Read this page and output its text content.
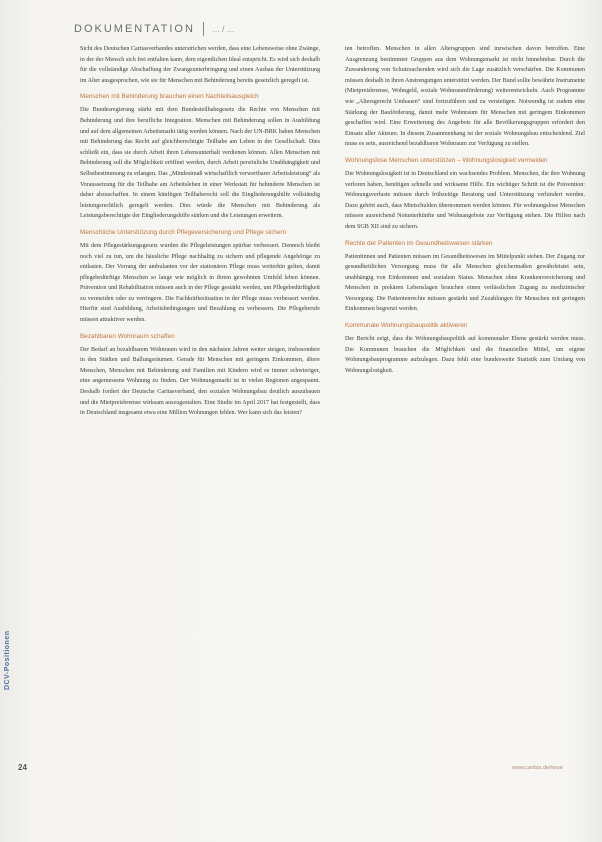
DOKUMENTATION … / …

Sicht des Deutschen Caritasverbandes unterstrichen werden, dass eine Lebensweise ohne Zwänge, in der der Mensch sich frei entfalten kann, dem eigentlichen Ideal entspricht. Es wird sich deshalb für die vollständige Abschaffung der Zwangsunterbringung und einen Ausbau der Unterstützung im Alter ausgesprochen, wie sie für Menschen mit Behinderung bereits gesetzlich geregelt ist.

Menschen mit Behinderung brauchen einen Nachteilsausgleich

Die Bundesregierung stärkt mit dem Bundesteilhabegesetz die Rechte von Menschen mit Behinderung und ihre berufliche Integration. Menschen mit Behinderung sollen in Ausbildung und auf dem allgemeinen Arbeitsmarkt tätig werden können. Nach der UN-BRK haben Menschen mit Behinderung das Recht auf gleichberechtigte Teilhabe am Leben in der Gesellschaft. Dies schließt ein, dass sie durch Arbeit ihren Lebensunterhalt verdienen können. Allen Menschen mit Behinderung soll die Möglichkeit eröffnet werden, durch Arbeit persönliche Unabhängigkeit und Selbstbestimmung zu erlangen. Das „Mindestmaß wirtschaftlich verwertbarer Arbeitsleistung“ als Voraussetzung für die Teilhabe am Arbeitsleben in einer Werkstatt für behinderte Menschen ist daher abzuschaffen. In einem künftigen Teilhaberecht soll die Eingliederungshilfe vollständig leistungsrechtlich geregelt werden. Dies würde die Menschen mit Behinderung als Leistungsberechtigte der Eingliederungshilfe stärken und die Leistungen erweitern.

Menschliche Unterstützung durch Pflegeversicherung und Pflege sichern

Mit dem Pflegestärkungsgesetz wurden die Pflegeleistungen spürbar verbessert. Dennoch bleibt noch viel zu tun, um die häusliche Pflege nachhaltig zu sichern und pflegende Angehörige zu entlasten. Der Vorrang der ambulanten vor der stationären Pflege muss weiterhin gelten, damit pflegebedürftige Menschen so lange wie möglich in ihrem gewohnten Umfeld leben können. Prävention und Rehabilitation müssen auch in der Pflege gestärkt werden, um Pflegebedürftigkeit zu vermeiden oder zu verringern. Die Fachkräftesituation in der Pflege muss verbessert werden. Hierfür sind Ausbildung, Arbeitsbedingungen und Bezahlung zu verbessern. Die Pflegeberufe müssen attraktiver werden.

Bezahlbaren Wohnraum schaffen

Der Bedarf an bezahlbarem Wohnraum wird in den nächsten Jahren weiter steigen, insbesondere in den Städten und Ballungsräumen. Gerade für Menschen mit geringem Einkommen, ältere Menschen, Menschen mit Behinderung und Familien mit Kindern wird es immer schwieriger, eine angemessene Wohnung zu finden. Der Wohnungsmarkt ist in vielen Regionen angespannt. Deshalb fordert der Deutsche Caritasverband, den sozialen Wohnungsbau deutlich auszubauen und die Mietpreisbremse wirksam auszugestalten. Eine Studie im April 2017 hat festgestellt, dass in Deutschland insgesamt etwa eine Million Wohnungen fehlen. Wer kann sich das leisten?

ten betroffen. Menschen in allen Altersgruppen sind inzwischen davon betroffen. Eine Ausgrenzung bestimmter Gruppen aus dem Wohnungsmarkt ist nicht hinnehmbar. Durch die Zuwanderung von Schutzsuchenden wird sich die Lage zusätzlich verschärfen. Die Kommunen müssen deshalb in ihren Anstrengungen unterstützt werden. Der Bund sollte bewährte Instrumente (Mietpreisbremse, Wohngeld, soziale Wohnraumförderung) weiterentwickeln. Auch Programme wie „Altersgerecht Umbauen“ sind fortzuführen und zu verstetigen. Notwendig ist zudem eine Stärkung der Bauförderung, damit mehr Wohnraum für Menschen mit geringem Einkommen geschaffen wird. Eine Erweiterung des Angebots für alle Bevölkerungsgruppen erfordert den Einsatz aller Akteure. In diesem Zusammenhang ist der soziale Wohnungsbau entscheidend. Ziel muss es sein, ausreichend bezahlbaren Wohnraum zur Verfügung zu stellen.

Wohnungslose Menschen unterstützen – Wohnungslosigkeit vermeiden

Die Wohnungslosigkeit ist in Deutschland ein wachsendes Problem. Menschen, die ihre Wohnung verloren haben, benötigen schnelle und wirksame Hilfe. Ein wichtiger Schritt ist die Prävention: Wohnungsverluste müssen durch frühzeitige Beratung und Unterstützung verhindert werden. Dazu gehört auch, dass Mietschulden übernommen werden können. Für wohnungslose Menschen müssen ausreichend Notunterkünfte und Wohnangebote zur Verfügung stehen. Die Hilfen nach dem SGB XII sind zu sichern.

Rechte der Patienten im Gesundheitswesen stärken

Patientinnen und Patienten müssen im Gesundheitswesen im Mittelpunkt stehen. Der Zugang zur gesundheitlichen Versorgung muss für alle Menschen gleichermaßen gewährleistet sein, unabhängig von Einkommen und sozialem Status. Menschen ohne Krankenversicherung und Menschen in prekären Lebenslagen brauchen einen verlässlichen Zugang zu medizinischer Versorgung. Die Patientenrechte müssen gestärkt und Zuzahlungen für Menschen mit geringem Einkommen begrenzt werden.

Kommunale Wohnungsbaupolitik aktivieren

Der Bericht zeigt, dass die Wohnungsbaupolitik auf kommunaler Ebene gestärkt werden muss. Die Kommunen brauchen die Möglichkeit und die finanziellen Mittel, um eigene Wohnungsbauprogramme aufzulegen. Dazu fehlt eine bundesweite Statistik zum Umfang von Wohnungslosigkeit.

DCV-Positionen
24	www.caritas.de/neue
